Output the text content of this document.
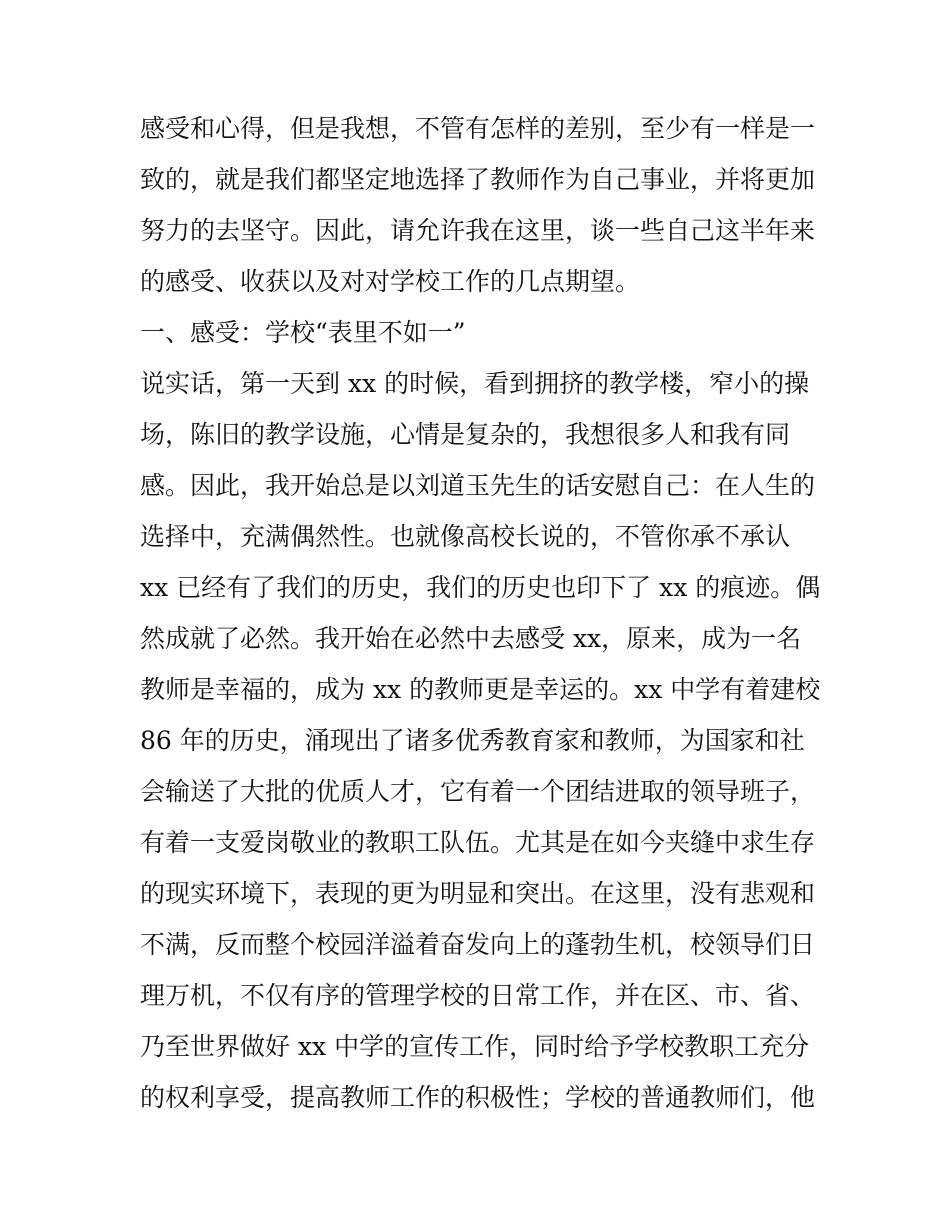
感受和心得，但是我想，不管有怎样的差别，至少有一样是一
致的，就是我们都坚定地选择了教师作为自己事业，并将更加
努力的去坚守。因此，请允许我在这里，谈一些自己这半年来
的感受、收获以及对对学校工作的几点期望。
一、感受：学校“表里不如一”
说实话，第一天到 xx 的时候，看到拥挤的教学楼，窄小的操
场，陈旧的教学设施，心情是复杂的，我想很多人和我有同
感。因此，我开始总是以刘道玉先生的话安慰自己：在人生的
选择中，充满偶然性。也就像高校长说的，不管你承不承认
xx 已经有了我们的历史，我们的历史也印下了 xx 的痕迹。偶
然成就了必然。我开始在必然中去感受 xx，原来，成为一名
教师是幸福的，成为 xx 的教师更是幸运的。xx 中学有着建校
86 年的历史，涌现出了诸多优秀教育家和教师，为国家和社
会输送了大批的优质人才，它有着一个团结进取的领导班子，
有着一支爱岗敬业的教职工队伍。尤其是在如今夹缝中求生存
的现实环境下，表现的更为明显和突出。在这里，没有悲观和
不满，反而整个校园洋溢着奋发向上的蓬勃生机，校领导们日
理万机，不仅有序的管理学校的日常工作，并在区、市、省、
乃至世界做好 xx 中学的宣传工作，同时给予学校教职工充分
的权利享受，提高教师工作的积极性；学校的普通教师们，他
